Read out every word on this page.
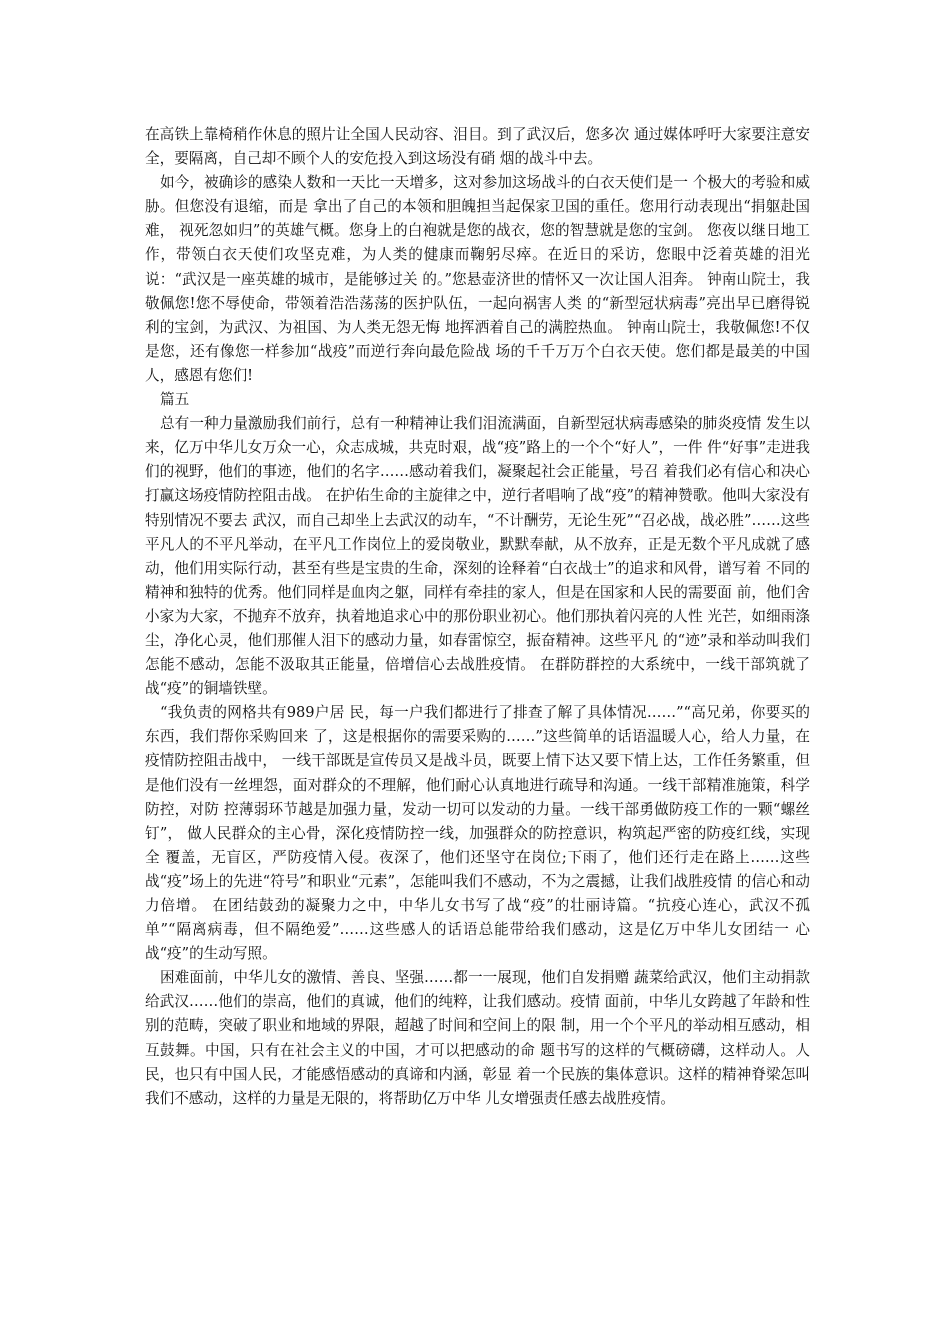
在高铁上靠椅稍作休息的照片让全国人民动容、泪目。到了武汉后，您多次 通过媒体呼吁大家要注意安全，要隔离，自己却不顾个人的安危投入到这场没有硝 烟的战斗中去。

如今，被确诊的感染人数和一天比一天增多，这对参加这场战斗的白衣天使们是一 个极大的考验和威胁。但您没有退缩，而是 拿出了自己的本领和胆魄担当起保家卫国的重任。您用行动表现出“捐躯赴国难， 视死忽如归”的英雄气概。您身上的白袍就是您的战衣，您的智慧就是您的宝剑。 您夜以继日地工作，带领白衣天使们攻坚克难，为人类的健康而鞠躬尽瘁。在近日的采访，您眼中泛着英雄的泪光说：“武汉是一座英雄的城市，是能够过关 的。”您悬壶济世的情怀又一次让国人泪奔。 钟南山院士，我敬佩您!您不辱使命，带领着浩浩荡荡的医护队伍，一起向祸害人类 的“新型冠状病毒”亮出早已磨得锐利的宝剑，为武汉、为祖国、为人类无怨无悔 地挥洒着自己的满腔热血。 钟南山院士，我敬佩您!不仅是您，还有像您一样参加“战疫”而逆行奔向最危险战 场的千千万万个白衣天使。您们都是最美的中国人，感恩有您们!

篇五

总有一种力量激励我们前行，总有一种精神让我们泪流满面，自新型冠状病毒感染的肺炎疫情 发生以来，亿万中华儿女万众一心，众志成城，共克时艰，战“疫”路上的一个个“好人”，一件 件“好事”走进我们的视野，他们的事迹，他们的名字……感动着我们，凝聚起社会正能量，号召 着我们必有信心和决心打赢这场疫情防控阻击战。 在护佑生命的主旋律之中，逆行者唱响了战“疫”的精神赞歌。他叫大家没有特别情况不要去 武汉，而自己却坐上去武汉的动车，“不计酬劳，无论生死”“召必战，战必胜”……这些平凡人的不平凡举动，在平凡工作岗位上的爱岗敬业，默默奉献，从不放弃，正是无数个平凡成就了感 动，他们用实际行动，甚至有些是宝贵的生命，深刻的诠释着“白衣战士”的追求和风骨，谱写着 不同的精神和独特的优秀。他们同样是血肉之躯，同样有牵挂的家人，但是在国家和人民的需要面 前，他们舍小家为大家，不抛弃不放弃，执着地追求心中的那份职业初心。他们那执着闪亮的人性 光芒，如细雨涤尘，净化心灵，他们那催人泪下的感动力量，如春雷惊空，振奋精神。这些平凡 的“迹”录和举动叫我们怎能不感动，怎能不汲取其正能量，倍增信心去战胜疫情。 在群防群控的大系统中，一线干部筑就了战“疫”的铜墙铁壁。

“我负责的网格共有989户居 民，每一户我们都进行了排查了解了具体情况……”“高兄弟，你要买的东西，我们帮你采购回来 了，这是根据你的需要采购的……”这些简单的话语温暖人心，给人力量，在疫情防控阻击战中， 一线干部既是宣传员又是战斗员，既要上情下达又要下情上达，工作任务繁重，但是他们没有一丝埋怨，面对群众的不理解，他们耐心认真地进行疏导和沟通。一线干部精准施策，科学防控，对防 控薄弱环节越是加强力量，发动一切可以发动的力量。一线干部勇做防疫工作的一颗“螺丝钉”， 做人民群众的主心骨，深化疫情防控一线，加强群众的防控意识，构筑起严密的防疫红线，实现全 覆盖，无盲区，严防疫情入侵。夜深了，他们还坚守在岗位;下雨了，他们还行走在路上……这些 战“疫”场上的先进“符号”和职业“元素”，怎能叫我们不感动，不为之震撼，让我们战胜疫情 的信心和动力倍增。 在团结鼓劲的凝聚力之中，中华儿女书写了战“疫”的壮丽诗篇。“抗疫心连心，武汉不孤 单”“隔离病毒，但不隔绝爱”……这些感人的话语总能带给我们感动，这是亿万中华儿女团结一 心战“疫”的生动写照。

困难面前，中华儿女的激情、善良、坚强……都一一展现，他们自发捐赠 蔬菜给武汉，他们主动捐款给武汉……他们的崇高，他们的真诚，他们的纯粹，让我们感动。疫情 面前，中华儿女跨越了年龄和性别的范畴，突破了职业和地域的界限，超越了时间和空间上的限 制，用一个个平凡的举动相互感动，相互鼓舞。中国，只有在社会主义的中国，才可以把感动的命 题书写的这样的气概磅礴，这样动人。人民，也只有中国人民，才能感悟感动的真谛和内涵，彰显 着一个民族的集体意识。这样的精神脊梁怎叫我们不感动，这样的力量是无限的，将帮助亿万中华 儿女增强责任感去战胜疫情。
